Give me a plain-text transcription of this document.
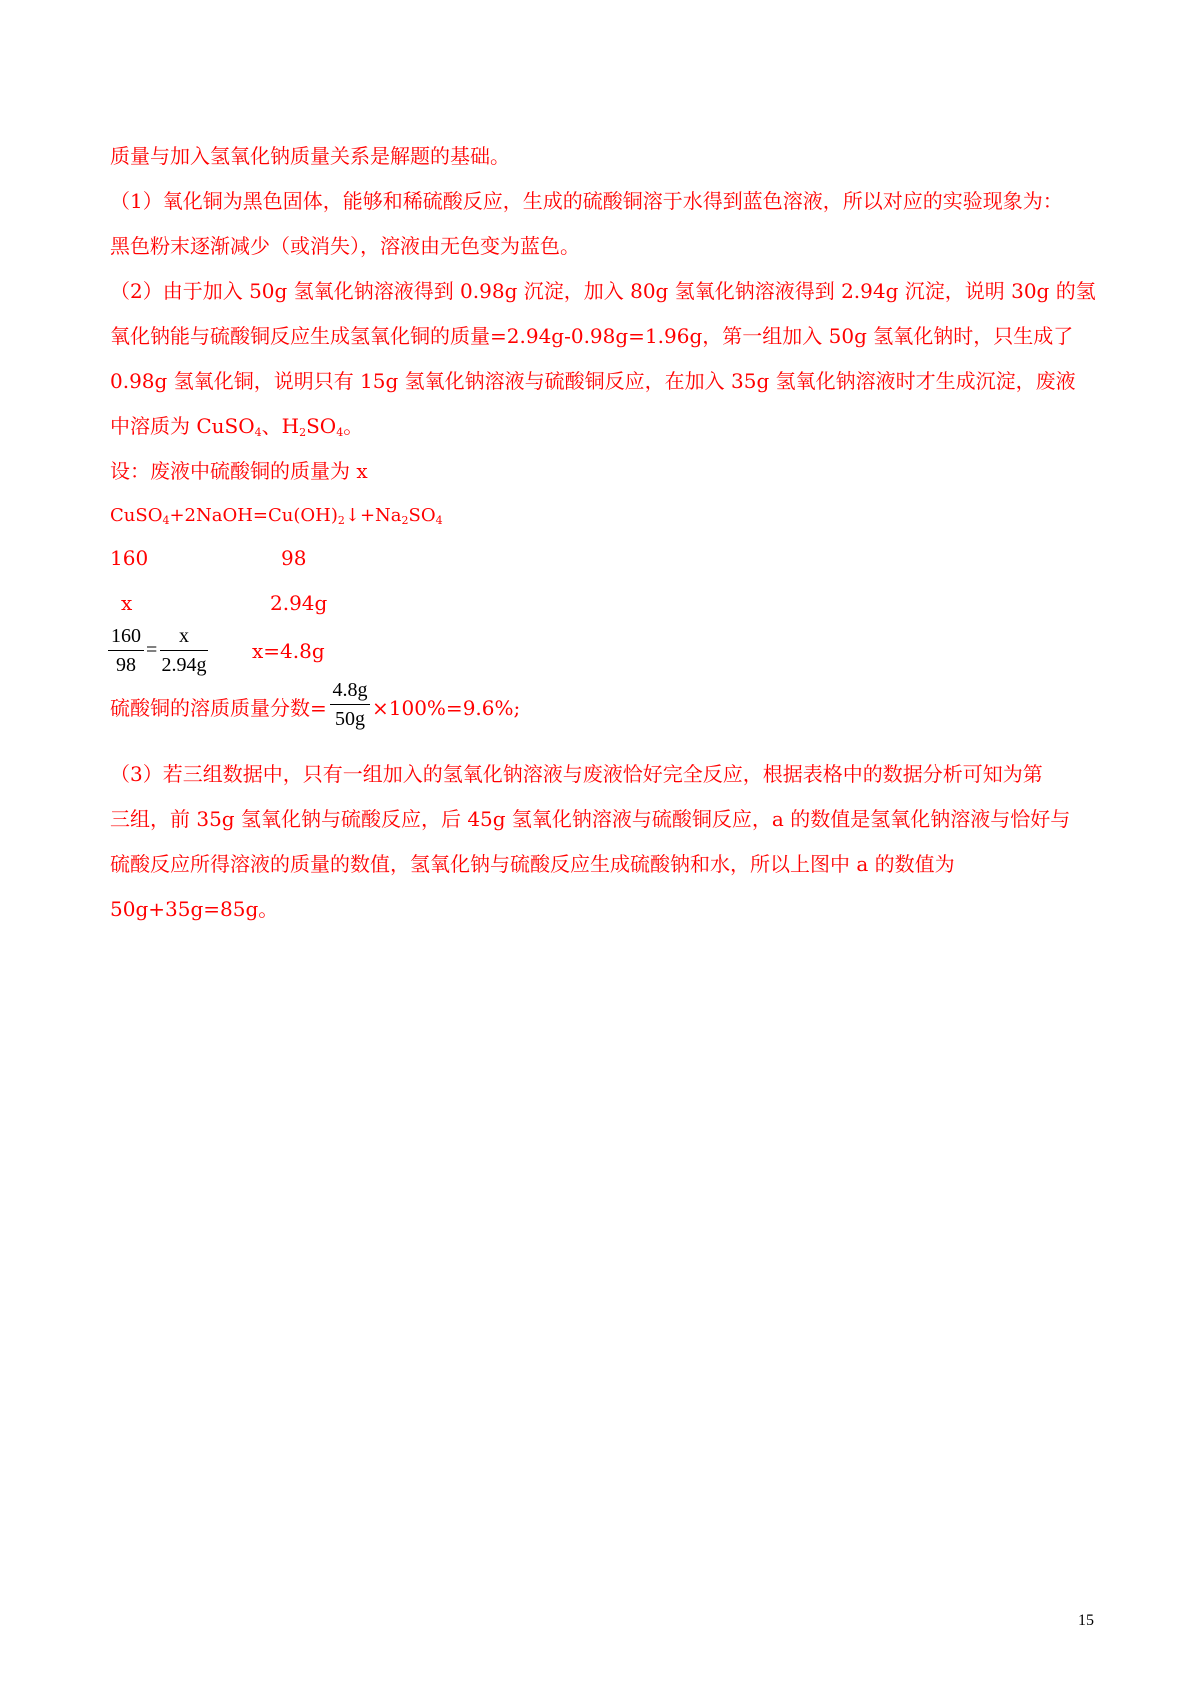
质量与加入氢氧化钠质量关系是解题的基础。
（1）氧化铜为黑色固体，能够和稀硫酸反应，生成的硫酸铜溶于水得到蓝色溶液，所以对应的实验现象为：
黑色粉末逐渐减少（或消失），溶液由无色变为蓝色。
（2）由于加入 50g 氢氧化钠溶液得到 0.98g 沉淀，加入 80g 氢氧化钠溶液得到 2.94g 沉淀，说明 30g 的氢
氧化钠能与硫酸铜反应生成氢氧化铜的质量=2.94g-0.98g=1.96g，第一组加入 50g 氢氧化钠时，只生成了
0.98g 氢氧化铜，说明只有 15g 氢氧化钠溶液与硫酸铜反应，在加入 35g 氢氧化钠溶液时才生成沉淀，废液
中溶质为 CuSO$_4$、$H_2SO_4$。
设：废液中硫酸铜的质量为 x
$CuSO_4+2NaOH=Cu(OH)_2↓+Na_2SO_4$
160	98
x	2.94g
160
98
=
x
2.94g
x=4.8g
硫酸铜的溶质质量分数=
4.8g
50g ×100%=9.6%;
（3）若三组数据中，只有一组加入的氢氧化钠溶液与废液恰好完全反应，根据表格中的数据分析可知为第
三组，前 35g 氢氧化钠与硫酸反应，后 45g 氢氧化钠溶液与硫酸铜反应，a 的数值是氢氧化钠溶液与恰好与
硫酸反应所得溶液的质量的数值，氢氧化钠与硫酸反应生成硫酸钠和水，所以上图中 a 的数值为
50g+35g=85g。
15
